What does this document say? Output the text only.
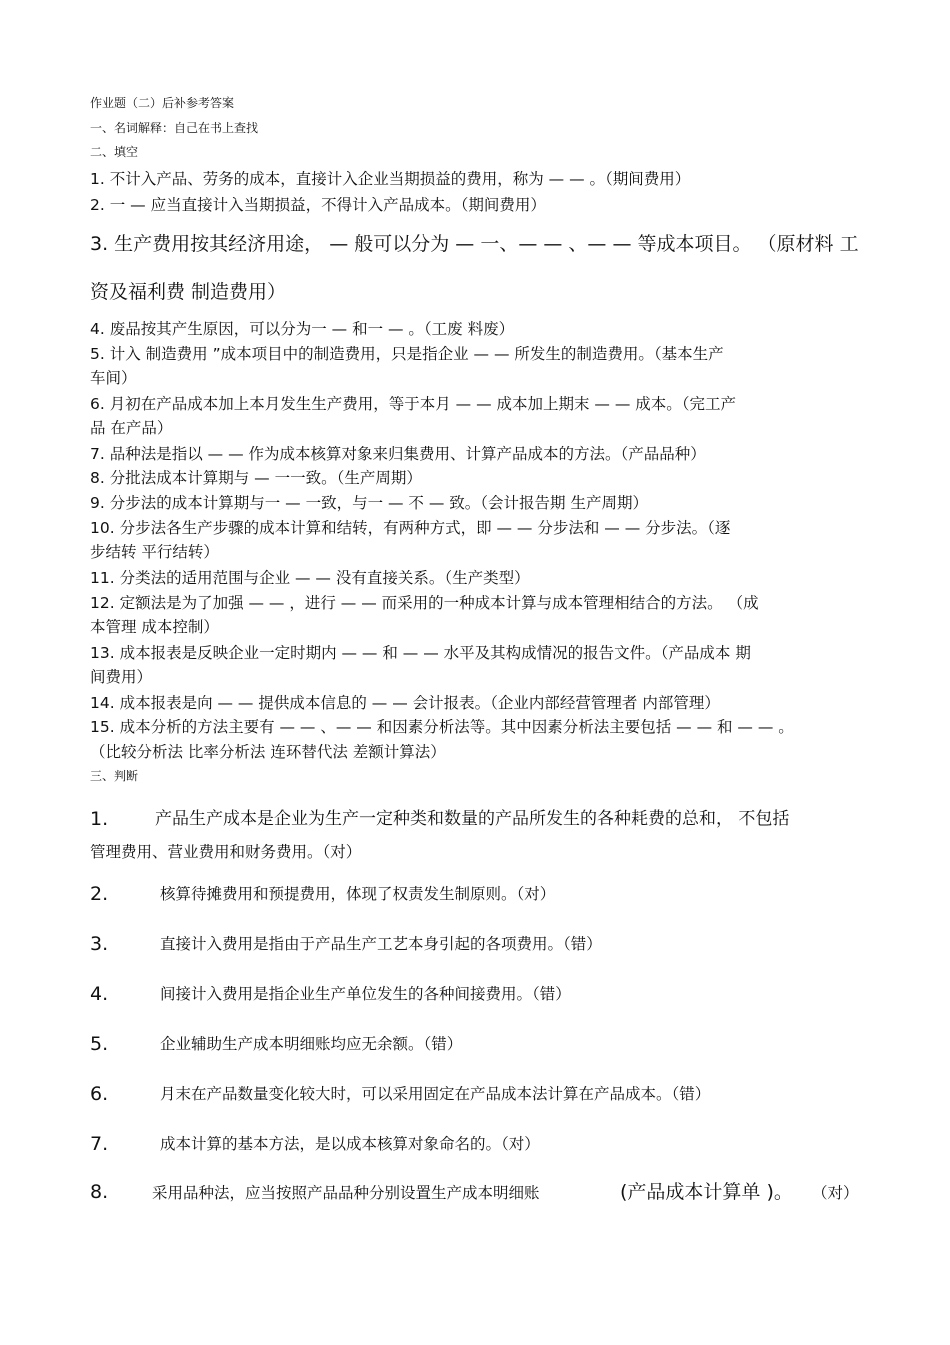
作业题（二）后补参考答案
一、名词解释：自己在书上查找
二、填空
1. 不计入产品、劳务的成本，直接计入企业当期损益的费用，称为 — — 。（期间费用）
2. 一 — 应当直接计入当期损益，不得计入产品成本。（期间费用）
3. 生产费用按其经济用途， — 般可以分为 — 一、— — 、— — 等成本项目。 （原材料 工
资及福利费 制造费用）
4. 废品按其产生原因，可以分为一 — 和一 — 。（工废 料废）
5. 计入 制造费用 ”成本项目中的制造费用，只是指企业 — — 所发生的制造费用。（基本生产
车间）
6. 月初在产品成本加上本月发生生产费用，等于本月 — — 成本加上期末 — — 成本。（完工产
品 在产品）
7. 品种法是指以 — — 作为成本核算对象来归集费用、计算产品成本的方法。（产品品种）
8. 分批法成本计算期与 — 一一致。（生产周期）
9. 分步法的成本计算期与一 — 一致，与一 — 不 — 致。（会计报告期 生产周期）
10. 分步法各生产步骤的成本计算和结转，有两种方式，即 — — 分步法和 — — 分步法。（逐
步结转 平行结转）
11. 分类法的适用范围与企业 — — 没有直接关系。（生产类型）
12. 定额法是为了加强 — — ，进行 — — 而采用的一种成本计算与成本管理相结合的方法。 （成
本管理 成本控制）
13. 成本报表是反映企业一定时期内 — — 和 — — 水平及其构成情况的报告文件。（产品成本 期
间费用）
14. 成本报表是向 — — 提供成本信息的 — — 会计报表。（企业内部经营管理者 内部管理）
15. 成本分析的方法主要有 — — 、— — 和因素分析法等。其中因素分析法主要包括 — — 和 — — 。
（比较分析法 比率分析法 连环替代法 差额计算法）
三、判断
1.	产品生产成本是企业为生产一定种类和数量的产品所发生的各种耗费的总和， 不包括
管理费用、营业费用和财务费用。（对）
2.	核算待摊费用和预提费用，体现了权责发生制原则。（对）
3.	直接计入费用是指由于产品生产工艺本身引起的各项费用。（错）
4.	间接计入费用是指企业生产单位发生的各种间接费用。（错）
5.	企业辅助生产成本明细账均应无余额。（错）
6.	月末在产品数量变化较大时，可以采用固定在产品成本法计算在产品成本。（错）
7.	成本计算的基本方法，是以成本核算对象命名的。（对）
8.	采用品种法，应当按照产品品种分别设置生产成本明细账	(产品成本计算单 )。 （对）
